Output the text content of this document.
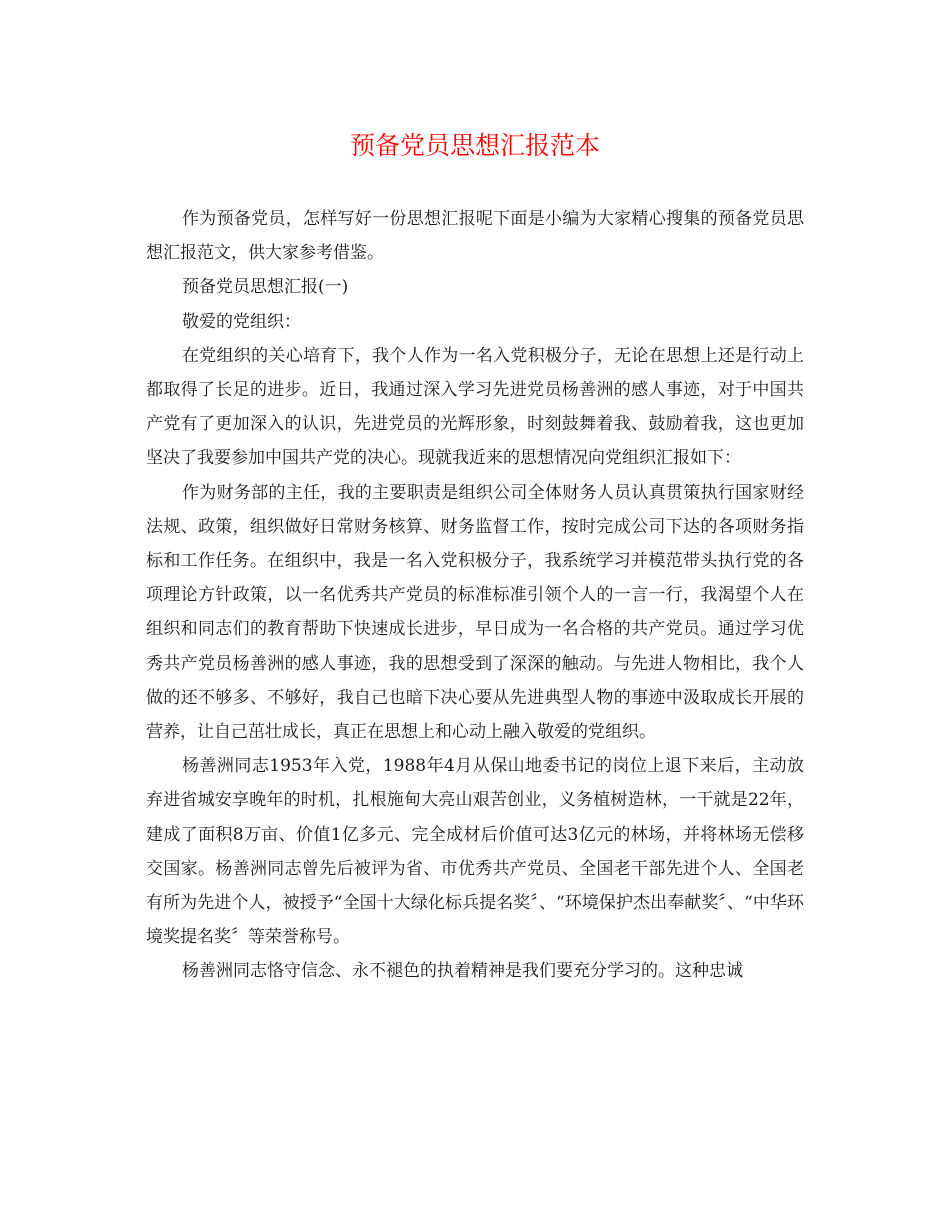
预备党员思想汇报范本

作为预备党员，怎样写好一份思想汇报呢下面是小编为大家精心搜集的预备党员思想汇报范文，供大家参考借鉴。

预备党员思想汇报(一)

敬爱的党组织：

在党组织的关心培育下，我个人作为一名入党积极分子，无论在思想上还是行动上都取得了长足的进步。近日，我通过深入学习先进党员杨善洲的感人事迹，对于中国共产党有了更加深入的认识，先进党员的光辉形象，时刻鼓舞着我、鼓励着我，这也更加坚决了我要参加中国共产党的决心。现就我近来的思想情况向党组织汇报如下：

作为财务部的主任，我的主要职责是组织公司全体财务人员认真贯策执行国家财经法规、政策，组织做好日常财务核算、财务监督工作，按时完成公司下达的各项财务指标和工作任务。在组织中，我是一名入党积极分子，我系统学习并模范带头执行党的各项理论方针政策，以一名优秀共产党员的标准标准引领个人的一言一行，我渴望个人在组织和同志们的教育帮助下快速成长进步，早日成为一名合格的共产党员。通过学习优秀共产党员杨善洲的感人事迹，我的思想受到了深深的触动。与先进人物相比，我个人做的还不够多、不够好，我自己也暗下决心要从先进典型人物的事迹中汲取成长开展的营养，让自己茁壮成长，真正在思想上和心动上融入敬爱的党组织。

杨善洲同志1953年入党，1988年4月从保山地委书记的岗位上退下来后，主动放弃进省城安享晚年的时机，扎根施甸大亮山艰苦创业，义务植树造林，一干就是22年，建成了面积8万亩、价值1亿多元、完全成材后价值可达3亿元的林场，并将林场无偿移交国家。杨善洲同志曾先后被评为省、市优秀共产党员、全国老干部先进个人、全国老有所为先进个人，被授予“全国十大绿化标兵提名奖〞、“环境保护杰出奉献奖〞、“中华环境奖提名奖〞等荣誉称号。

杨善洲同志恪守信念、永不褪色的执着精神是我们要充分学习的。这种忠诚
